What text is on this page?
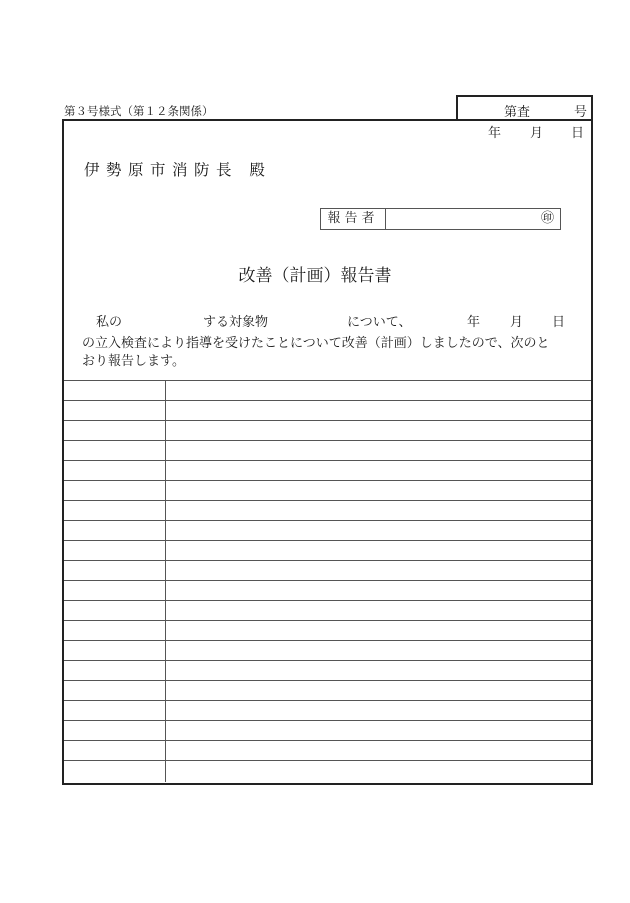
第３号様式（第１２条関係）	第査	号
年 月 日
伊勢原市消防長 殿
報告者	㊞
改善（計画）報告書
私の	する対象物	について、	年 月 日
の立入検査により指導を受けたことについて改善（計画）しましたので、次のと
おり報告します。
